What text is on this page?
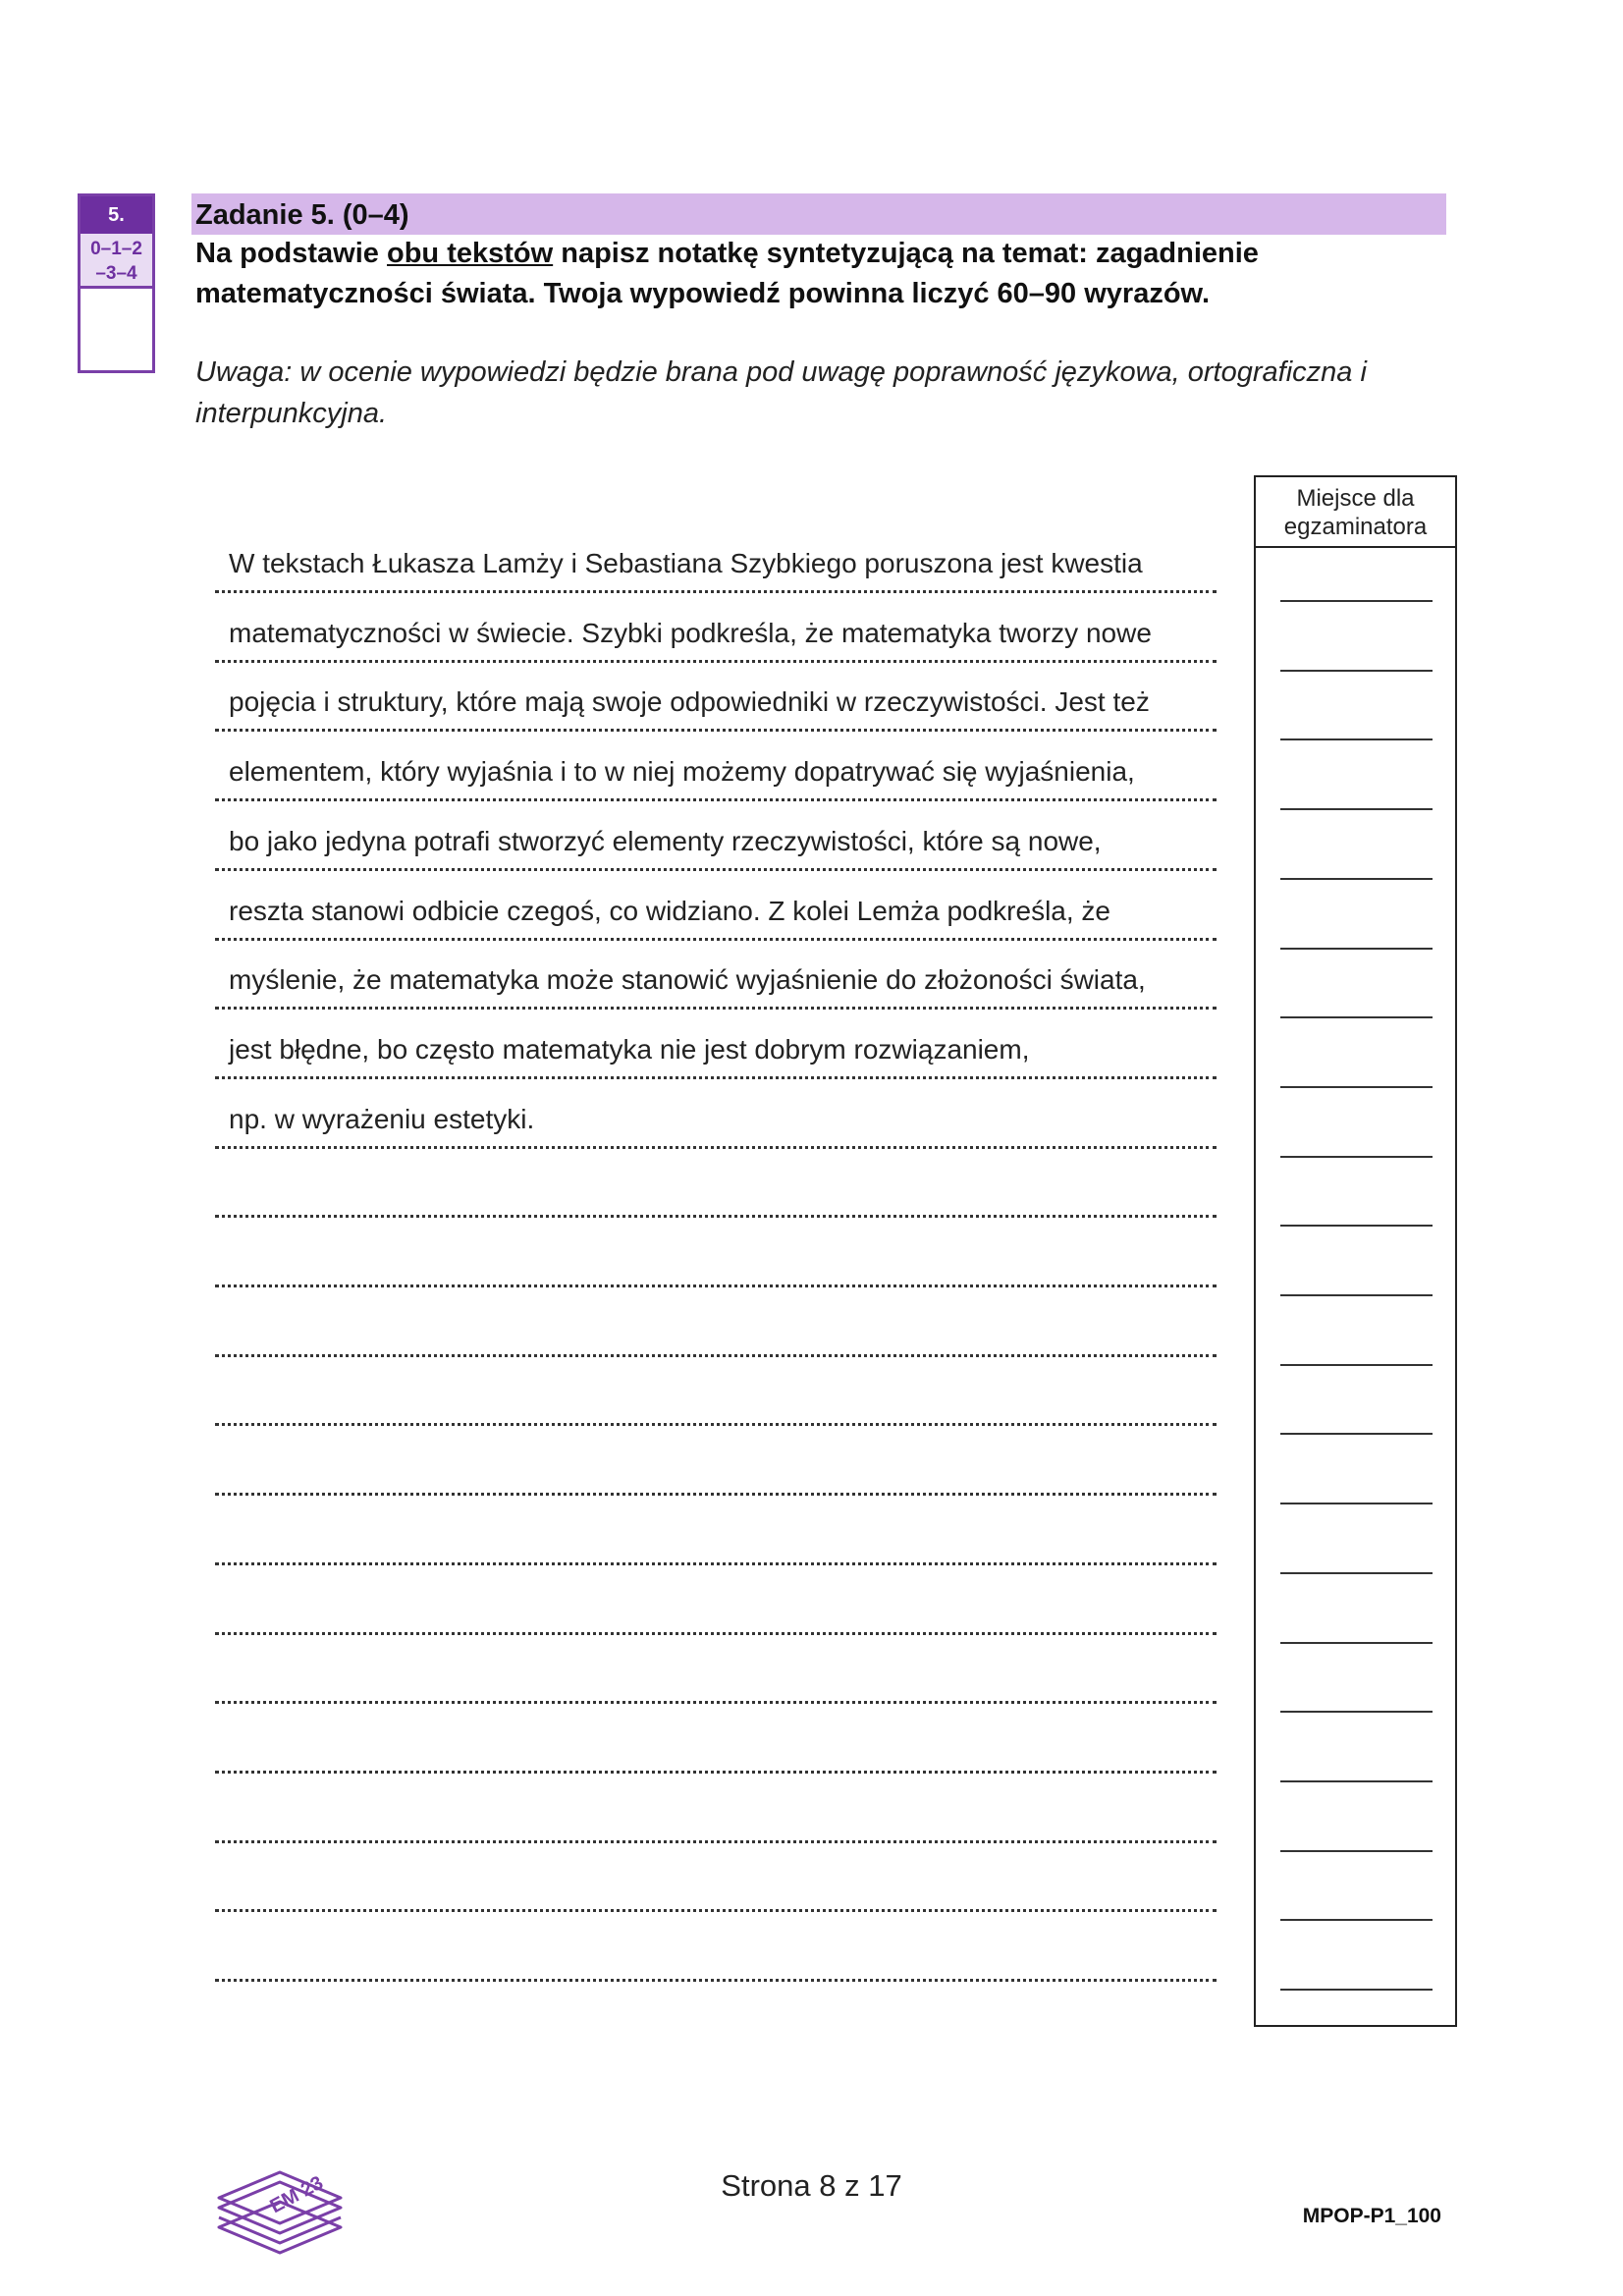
5.
0–1–2
–3–4
Zadanie 5. (0–4)
Na podstawie obu tekstów napisz notatkę syntetyzującą na temat: zagadnienie matematyczności świata. Twoja wypowiedź powinna liczyć 60–90 wyrazów.
Uwaga: w ocenie wypowiedzi będzie brana pod uwagę poprawność językowa, ortograficzna i interpunkcyjna.
Miejsce dla
egzaminatora
W tekstach Łukasza Lamży i Sebastiana Szybkiego poruszona jest kwestia
matematyczności w świecie. Szybki podkreśla, że matematyka tworzy nowe
pojęcia i struktury, które mają swoje odpowiedniki w rzeczywistości. Jest też
elementem, który wyjaśnia i to w niej możemy dopatrywać się wyjaśnienia,
bo jako jedyna potrafi stworzyć elementy rzeczywistości, które są nowe,
reszta stanowi odbicie czegoś, co widziano. Z kolei Lemża podkreśla, że
myślenie, że matematyka może stanowić wyjaśnienie do złożoności świata,
jest błędne, bo często matematyka nie jest dobrym rozwiązaniem,
np. w wyrażeniu estetyki.
EM 23	Strona 8 z 17
MPOP-P1_100
